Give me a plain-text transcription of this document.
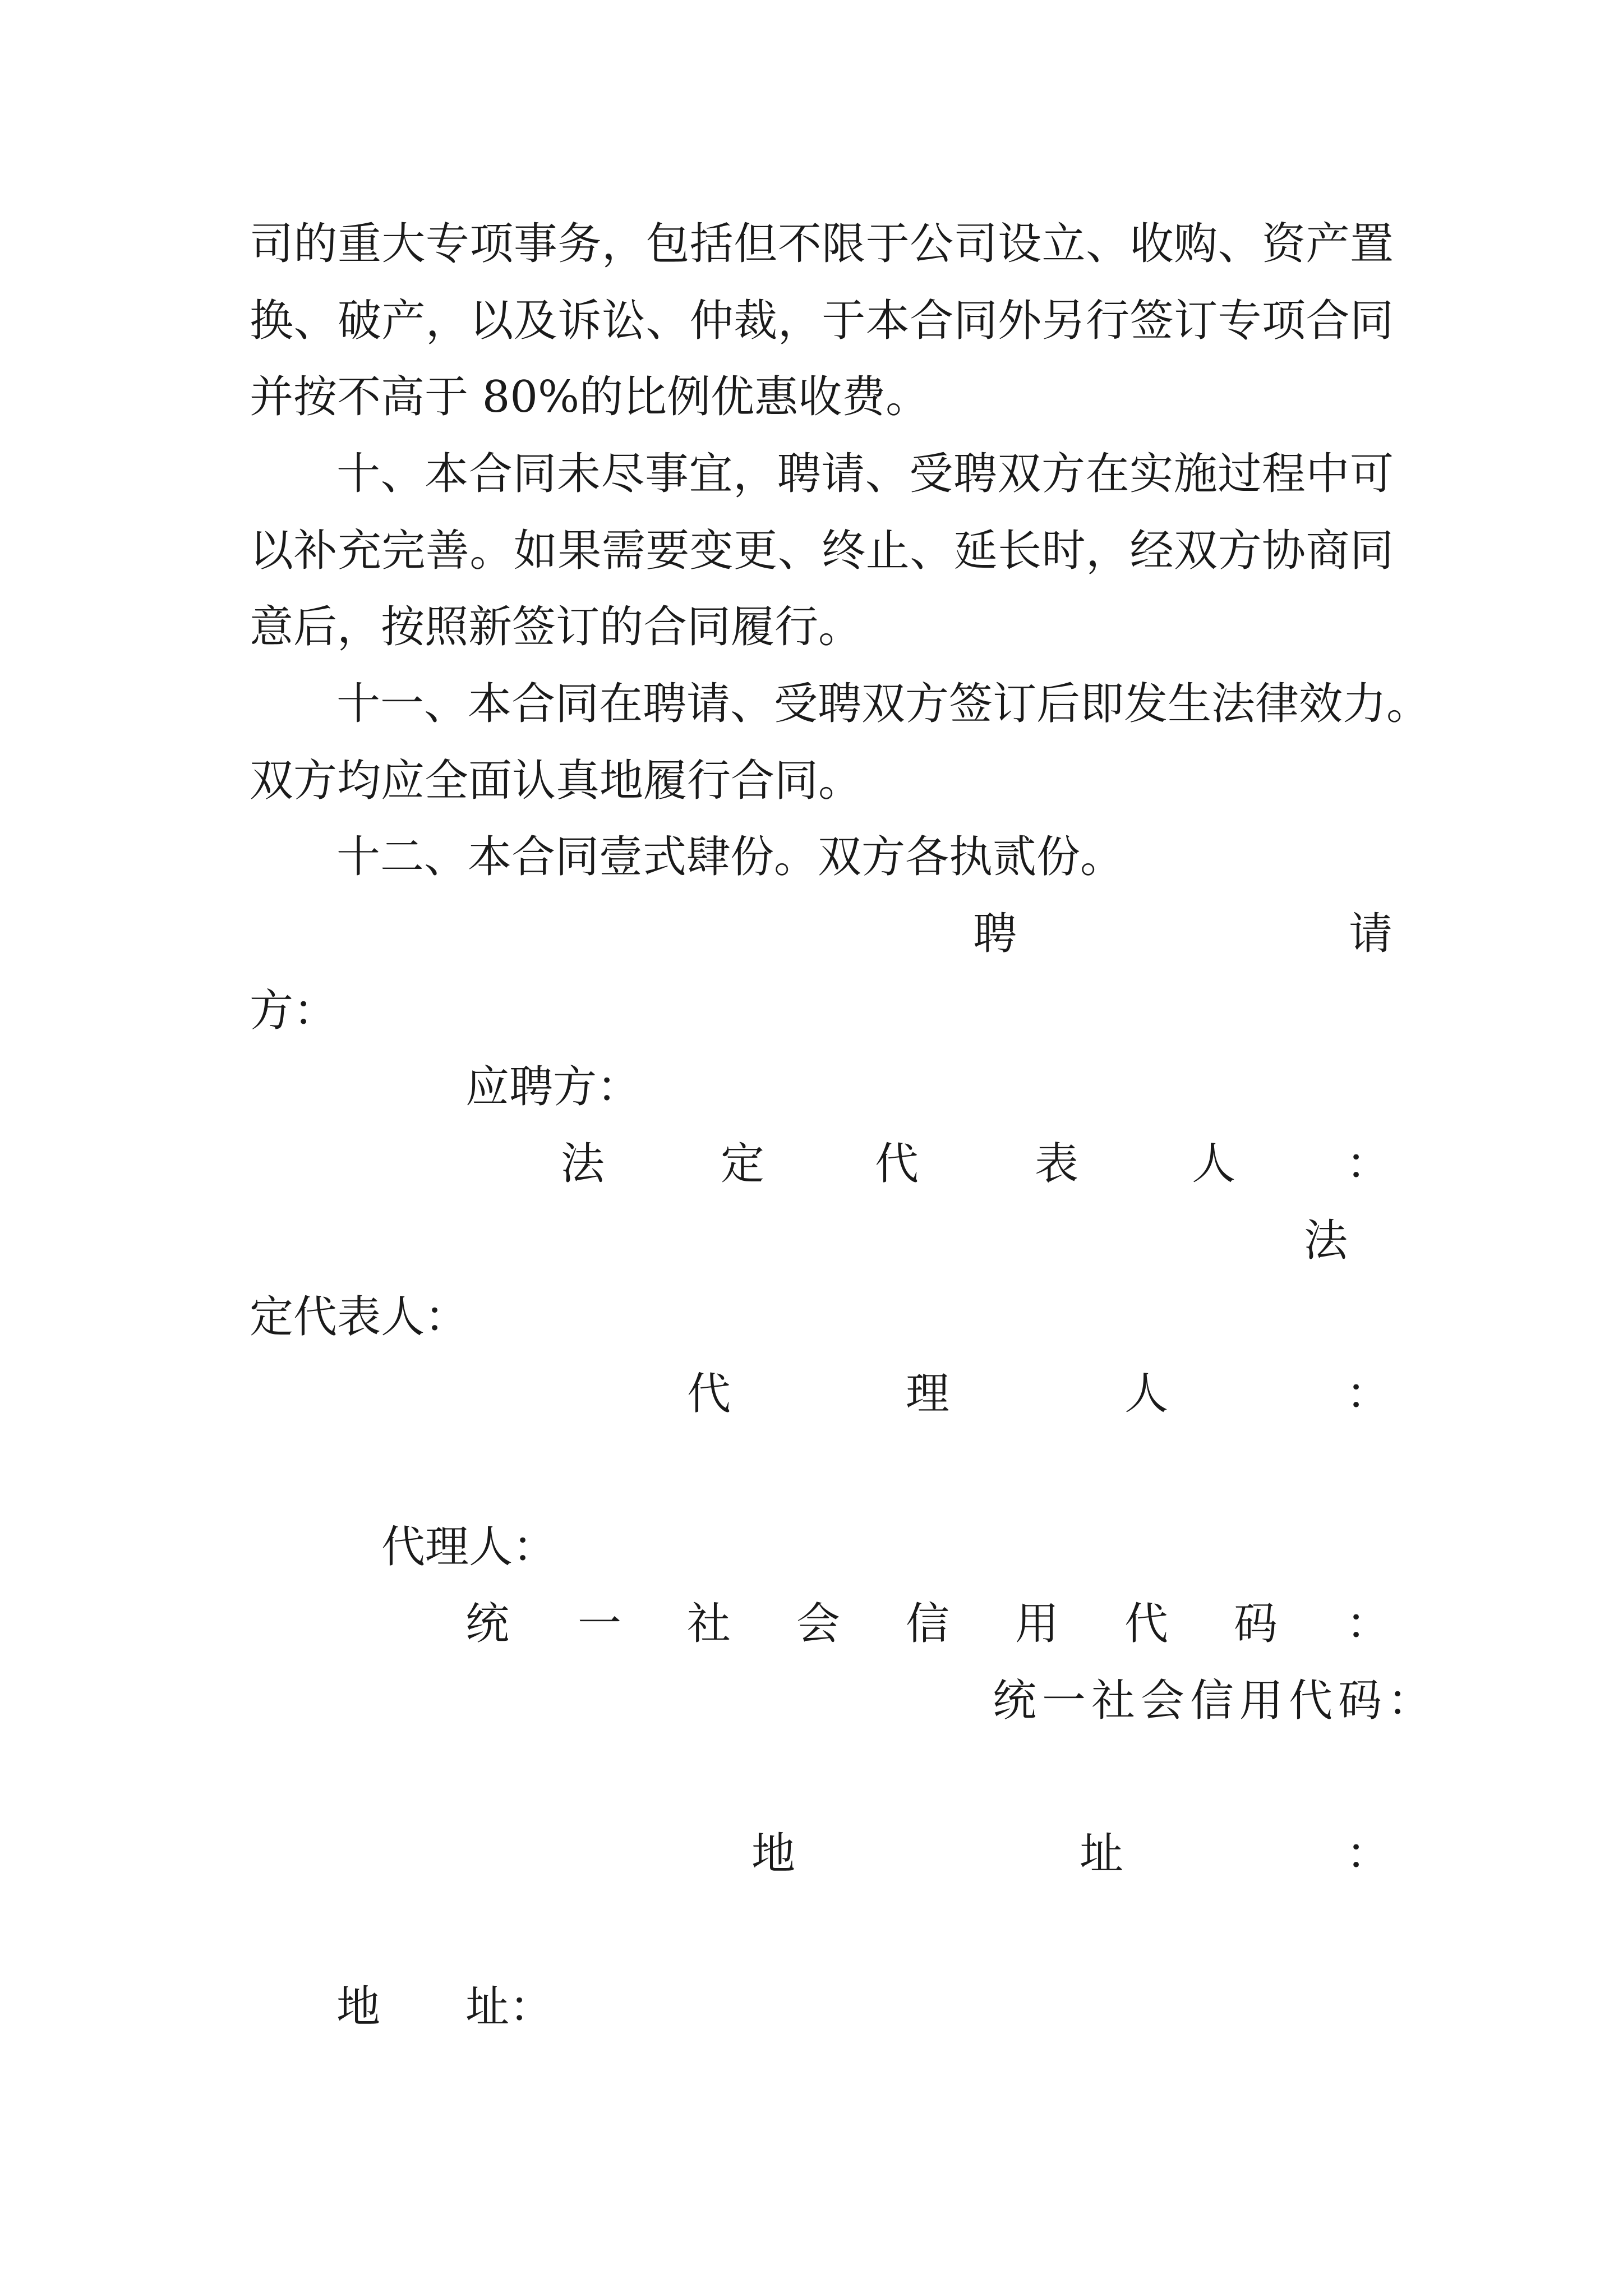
司的重大专项事务，包括但不限于公司设立、收购、资产置
换、破产，以及诉讼、仲裁，于本合同外另行签订专项合同
并按不高于 80%的比例优惠收费。
十、本合同未尽事宜，聘请、受聘双方在实施过程中可
以补充完善。如果需要变更、终止、延长时，经双方协商同
意后，按照新签订的合同履行。
十一、本合同在聘请、受聘双方签订后即发生法律效力。
双方均应全面认真地履行合同。
十二、本合同壹式肆份。双方各执贰份。
聘	请
方：
应聘方：
法	定	代	表	人	：
法
定代表人：
代	理	人	：
代理人：
统 一 社 会 信 用 代 码 ：
统一社会信用代码：
地	址	：
地 址：
